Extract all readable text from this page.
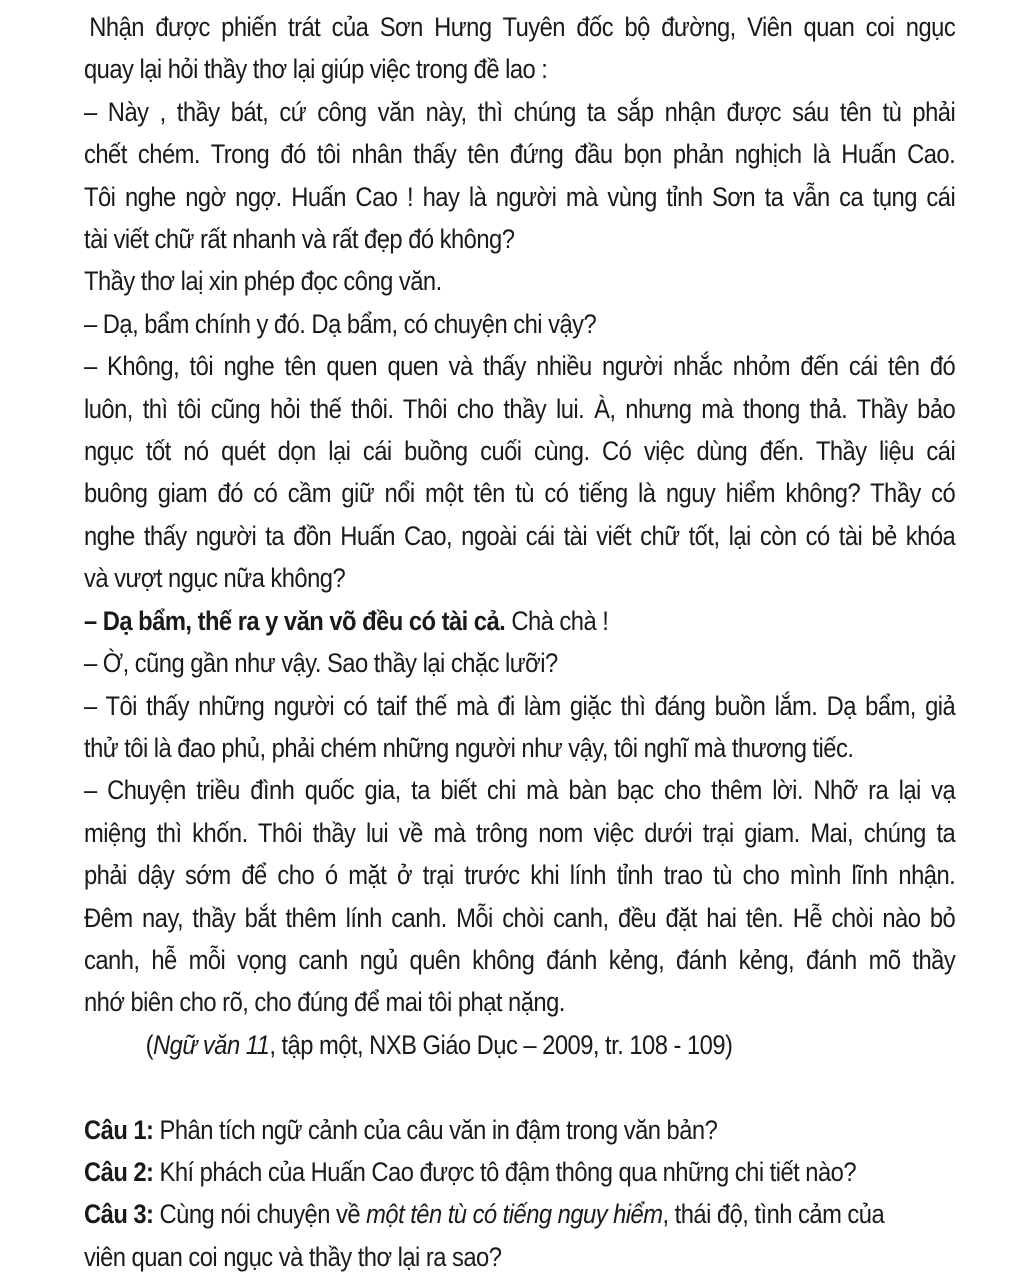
Nhận được phiến trát của Sơn Hưng Tuyên đốc bộ đường, Viên quan coi ngục
quay lại hỏi thầy thơ lại giúp việc trong đề lao :
– Này , thầy bát, cứ công văn này, thì chúng ta sắp nhận được sáu tên tù phải
chết chém. Trong đó tôi nhân thấy tên đứng đầu bọn phản nghịch là Huấn Cao.
Tôi nghe ngờ ngợ. Huấn Cao ! hay là người mà vùng tỉnh Sơn ta vẫn ca tụng cái
tài viết chữ rất nhanh và rất đẹp đó không?
Thầy thơ laị xin phép đọc công văn.
– Dạ, bẩm chính y đó. Dạ bẩm, có chuyện chi vậy?
– Không, tôi nghe tên quen quen và thấy nhiều người nhắc nhỏm đến cái tên đó
luôn, thì tôi cũng hỏi thế thôi. Thôi cho thầy lui. À, nhưng mà thong thả. Thầy bảo
ngục tốt nó quét dọn lại cái buồng cuối cùng. Có việc dùng đến. Thầy liệu cái
buông giam đó có cầm giữ nổi một tên tù có tiếng là nguy hiểm không? Thầy có
nghe thấy người ta đồn Huấn Cao, ngoài cái tài viết chữ tốt, lại còn có tài bẻ khóa
và vượt ngục nữa không?
– Dạ bẩm, thế ra y văn võ đều có tài cả. Chà chà !
– Ờ, cũng gần như vậy. Sao thầy lại chặc lưỡi?
– Tôi thấy những người có taif thế mà đi làm giặc thì đáng buồn lắm. Dạ bẩm, giả
thử tôi là đao phủ, phải chém những người như vậy, tôi nghĩ mà thương tiếc.
– Chuyện triều đình quốc gia, ta biết chi mà bàn bạc cho thêm lời. Nhỡ ra lại vạ
miệng thì khốn. Thôi thầy lui về mà trông nom việc dưới trại giam. Mai, chúng ta
phải dậy sớm để cho ó mặt ở trại trước khi lính tỉnh trao tù cho mình lĩnh nhận.
Đêm nay, thầy bắt thêm lính canh. Mỗi chòi canh, đều đặt hai tên. Hễ chòi nào bỏ
canh, hễ mỗi vọng canh ngủ quên không đánh kẻng, đánh kẻng, đánh mõ thầy
nhớ biên cho rõ, cho đúng để mai tôi phạt nặng.
(Ngữ văn 11, tập một, NXB Giáo Dục – 2009, tr. 108 - 109)
Câu 1: Phân tích ngữ cảnh của câu văn in đậm trong văn bản?
Câu 2: Khí phách của Huấn Cao được tô đậm thông qua những chi tiết nào?
Câu 3: Cùng nói chuyện về một tên tù có tiếng nguy hiểm, thái độ, tình cảm của
viên quan coi ngục và thầy thơ lại ra sao?
